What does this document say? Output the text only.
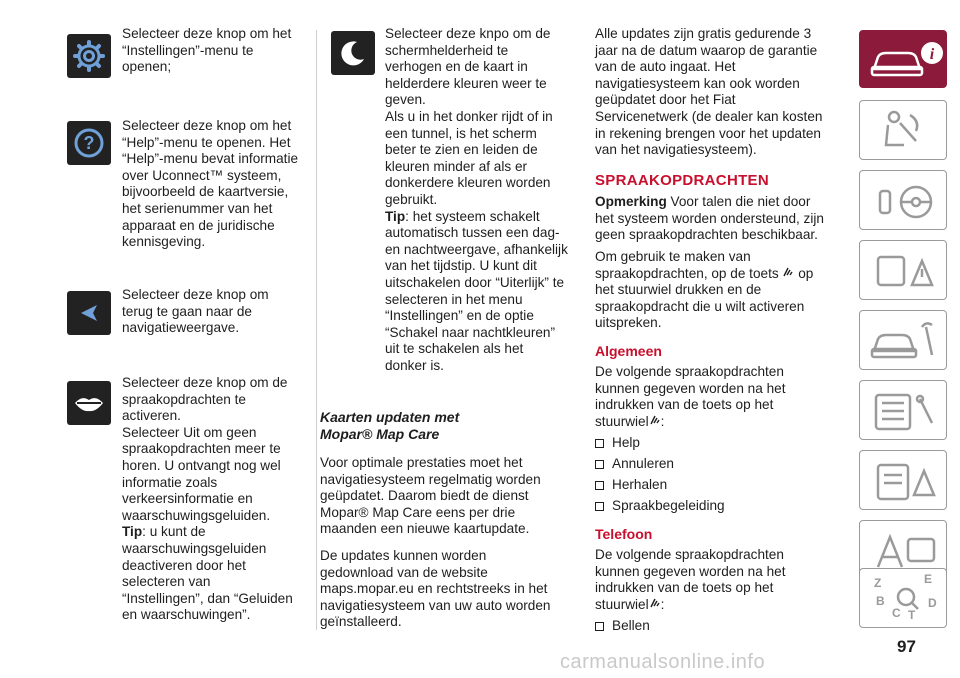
Selecteer deze knop om het
“Instellingen”-menu te
openen;
?
Selecteer deze knop om het
“Help”-menu te openen. Het
“Help”-menu bevat informatie
over Uconnect™ systeem,
bijvoorbeeld de kaartversie,
het serienummer van het
apparaat en de juridische
kennisgeving.
Selecteer deze knop om
terug te gaan naar de
navigatieweergave.
Selecteer deze knop om de
spraakopdrachten te
activeren.
Selecteer Uit om geen
spraakopdrachten meer te
horen. U ontvangt nog wel
informatie zoals
verkeersinformatie en
waarschuwingsgeluiden.
Tip: u kunt de
waarschuwingsgeluiden
deactiveren door het
selecteren van
“Instellingen”, dan “Geluiden
en waarschuwingen”.
Selecteer deze knpo om de
schermhelderheid te
verhogen en de kaart in
helderdere kleuren weer te
geven.
Als u in het donker rijdt of in
een tunnel, is het scherm
beter te zien en leiden de
kleuren minder af als er
donkerdere kleuren worden
gebruikt.
Tip: het systeem schakelt
automatisch tussen een dag-
en nachtweergave, afhankelijk
van het tijdstip. U kunt dit
uitschakelen door “Uiterlijk” te
selecteren in het menu
“Instellingen” en de optie
“Schakel naar nachtkleuren”
uit te schakelen als het
donker is.
Kaarten updaten met
Mopar® Map Care
Voor optimale prestaties moet het
navigatiesysteem regelmatig worden
geüpdatet. Daarom biedt de dienst
Mopar® Map Care eens per drie
maanden een nieuwe kaartupdate.
De updates kunnen worden
gedownload van de website
maps.mopar.eu en rechtstreeks in het
navigatiesysteem van uw auto worden
geïnstalleerd.
Alle updates zijn gratis gedurende 3
jaar na de datum waarop de garantie
van de auto ingaat. Het
navigatiesysteem kan ook worden
geüpdatet door het Fiat
Servicenetwerk (de dealer kan kosten
in rekening brengen voor het updaten
van het navigatiesysteem).
SPRAAKOPDRACHTEN
Opmerking Voor talen die niet door
het systeem worden ondersteund, zijn
geen spraakopdrachten beschikbaar.
Om gebruik te maken van
spraakopdrachten, op de toets op
het stuurwiel drukken en de
spraakopdracht die u wilt activeren
uitspreken.
Algemeen
De volgende spraakopdrachten
kunnen gegeven worden na het
indrukken van de toets op het
stuurwiel :
Help
Annuleren
Herhalen
Spraakbegeleiding
Telefoon
De volgende spraakopdrachten
kunnen gegeven worden na het
indrukken van de toets op het
stuurwiel :
Bellen
i
Z	E
B
C T
D
97
carmanualsonline.info
